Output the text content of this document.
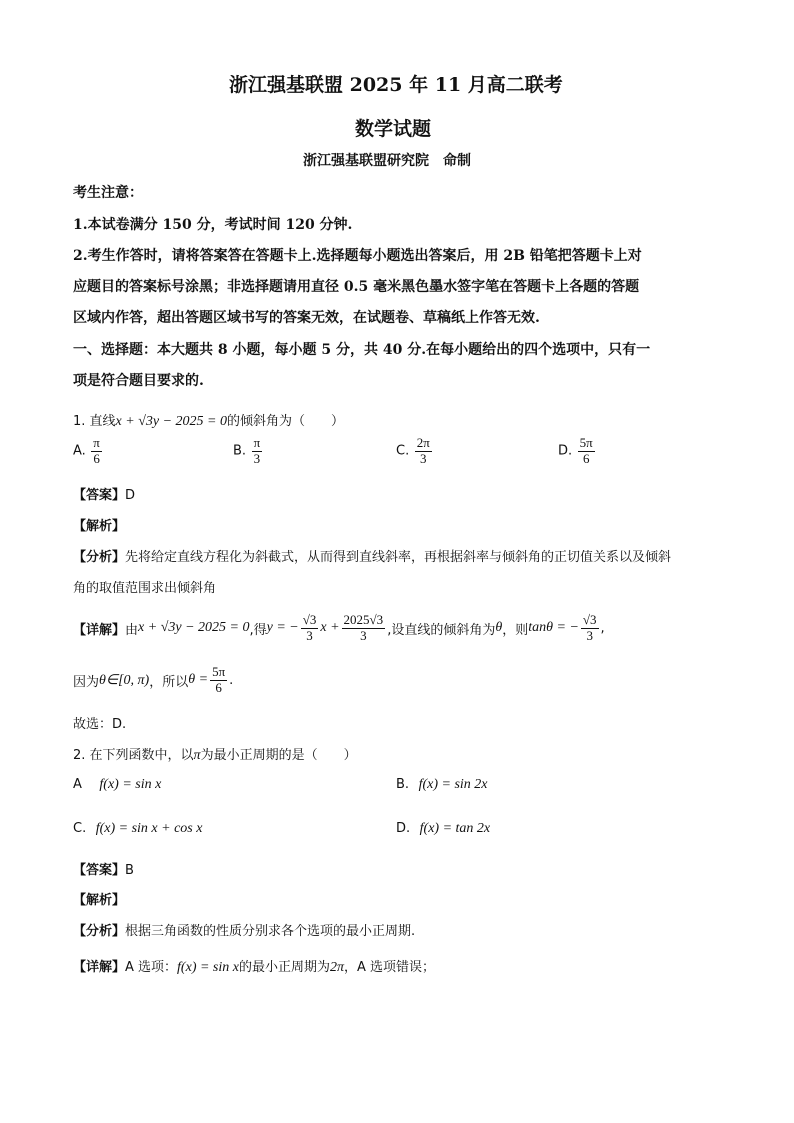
浙江强基联盟 2025 年 11 月高二联考
数学试题
浙江强基联盟研究院　命制
考生注意：
1.本试卷满分 150 分，考试时间 120 分钟.
2.考生作答时，请将答案答在答题卡上.选择题每小题选出答案后，用 2B 铅笔把答题卡上对
应题目的答案标号涂黑；非选择题请用直径 0.5 毫米黑色墨水签字笔在答题卡上各题的答题
区域内作答，超出答题区域书写的答案无效，在试题卷、草稿纸上作答无效.
一、选择题：本大题共 8 小题，每小题 5 分，共 40 分.在每小题给出的四个选项中，只有一
项是符合题目要求的.
1. 直线x + √3y − 2025 = 0的倾斜角为（　　）
A. $\frac{\pi}{6}$	B. $\frac{\pi}{3}$	C. $\frac{2\pi}{3}$	D. $\frac{5\pi}{6}$
【答案】D
【解析】
【分析】先将给定直线方程化为斜截式，从而得到直线斜率，再根据斜率与倾斜角的正切值关系以及倾斜
角的取值范围求出倾斜角
【详解】 由 x + √3y − 2025 = 0 ,得 y = − $\frac{√3}{3}$ $x + \frac{2025√3}{3}$ ,设直线的倾斜角为 θ ，则 tanθ = − $\frac{√3}{3}$ ,
因为 θ∈[0, π) ，所以 $\theta = \frac{5\pi}{6}$ .
故选：D.
2. 在下列函数中，以π为最小正周期的是（　　）
A f(x) = sin x	B. f(x) = sin 2x
C. f(x) = sin x + cos x	D. f(x) = tan 2x
【答案】B
【解析】
【分析】根据三角函数的性质分别求各个选项的最小正周期.
【详解】A 选项：f(x) = sin x的最小正周期为2π，A 选项错误；
